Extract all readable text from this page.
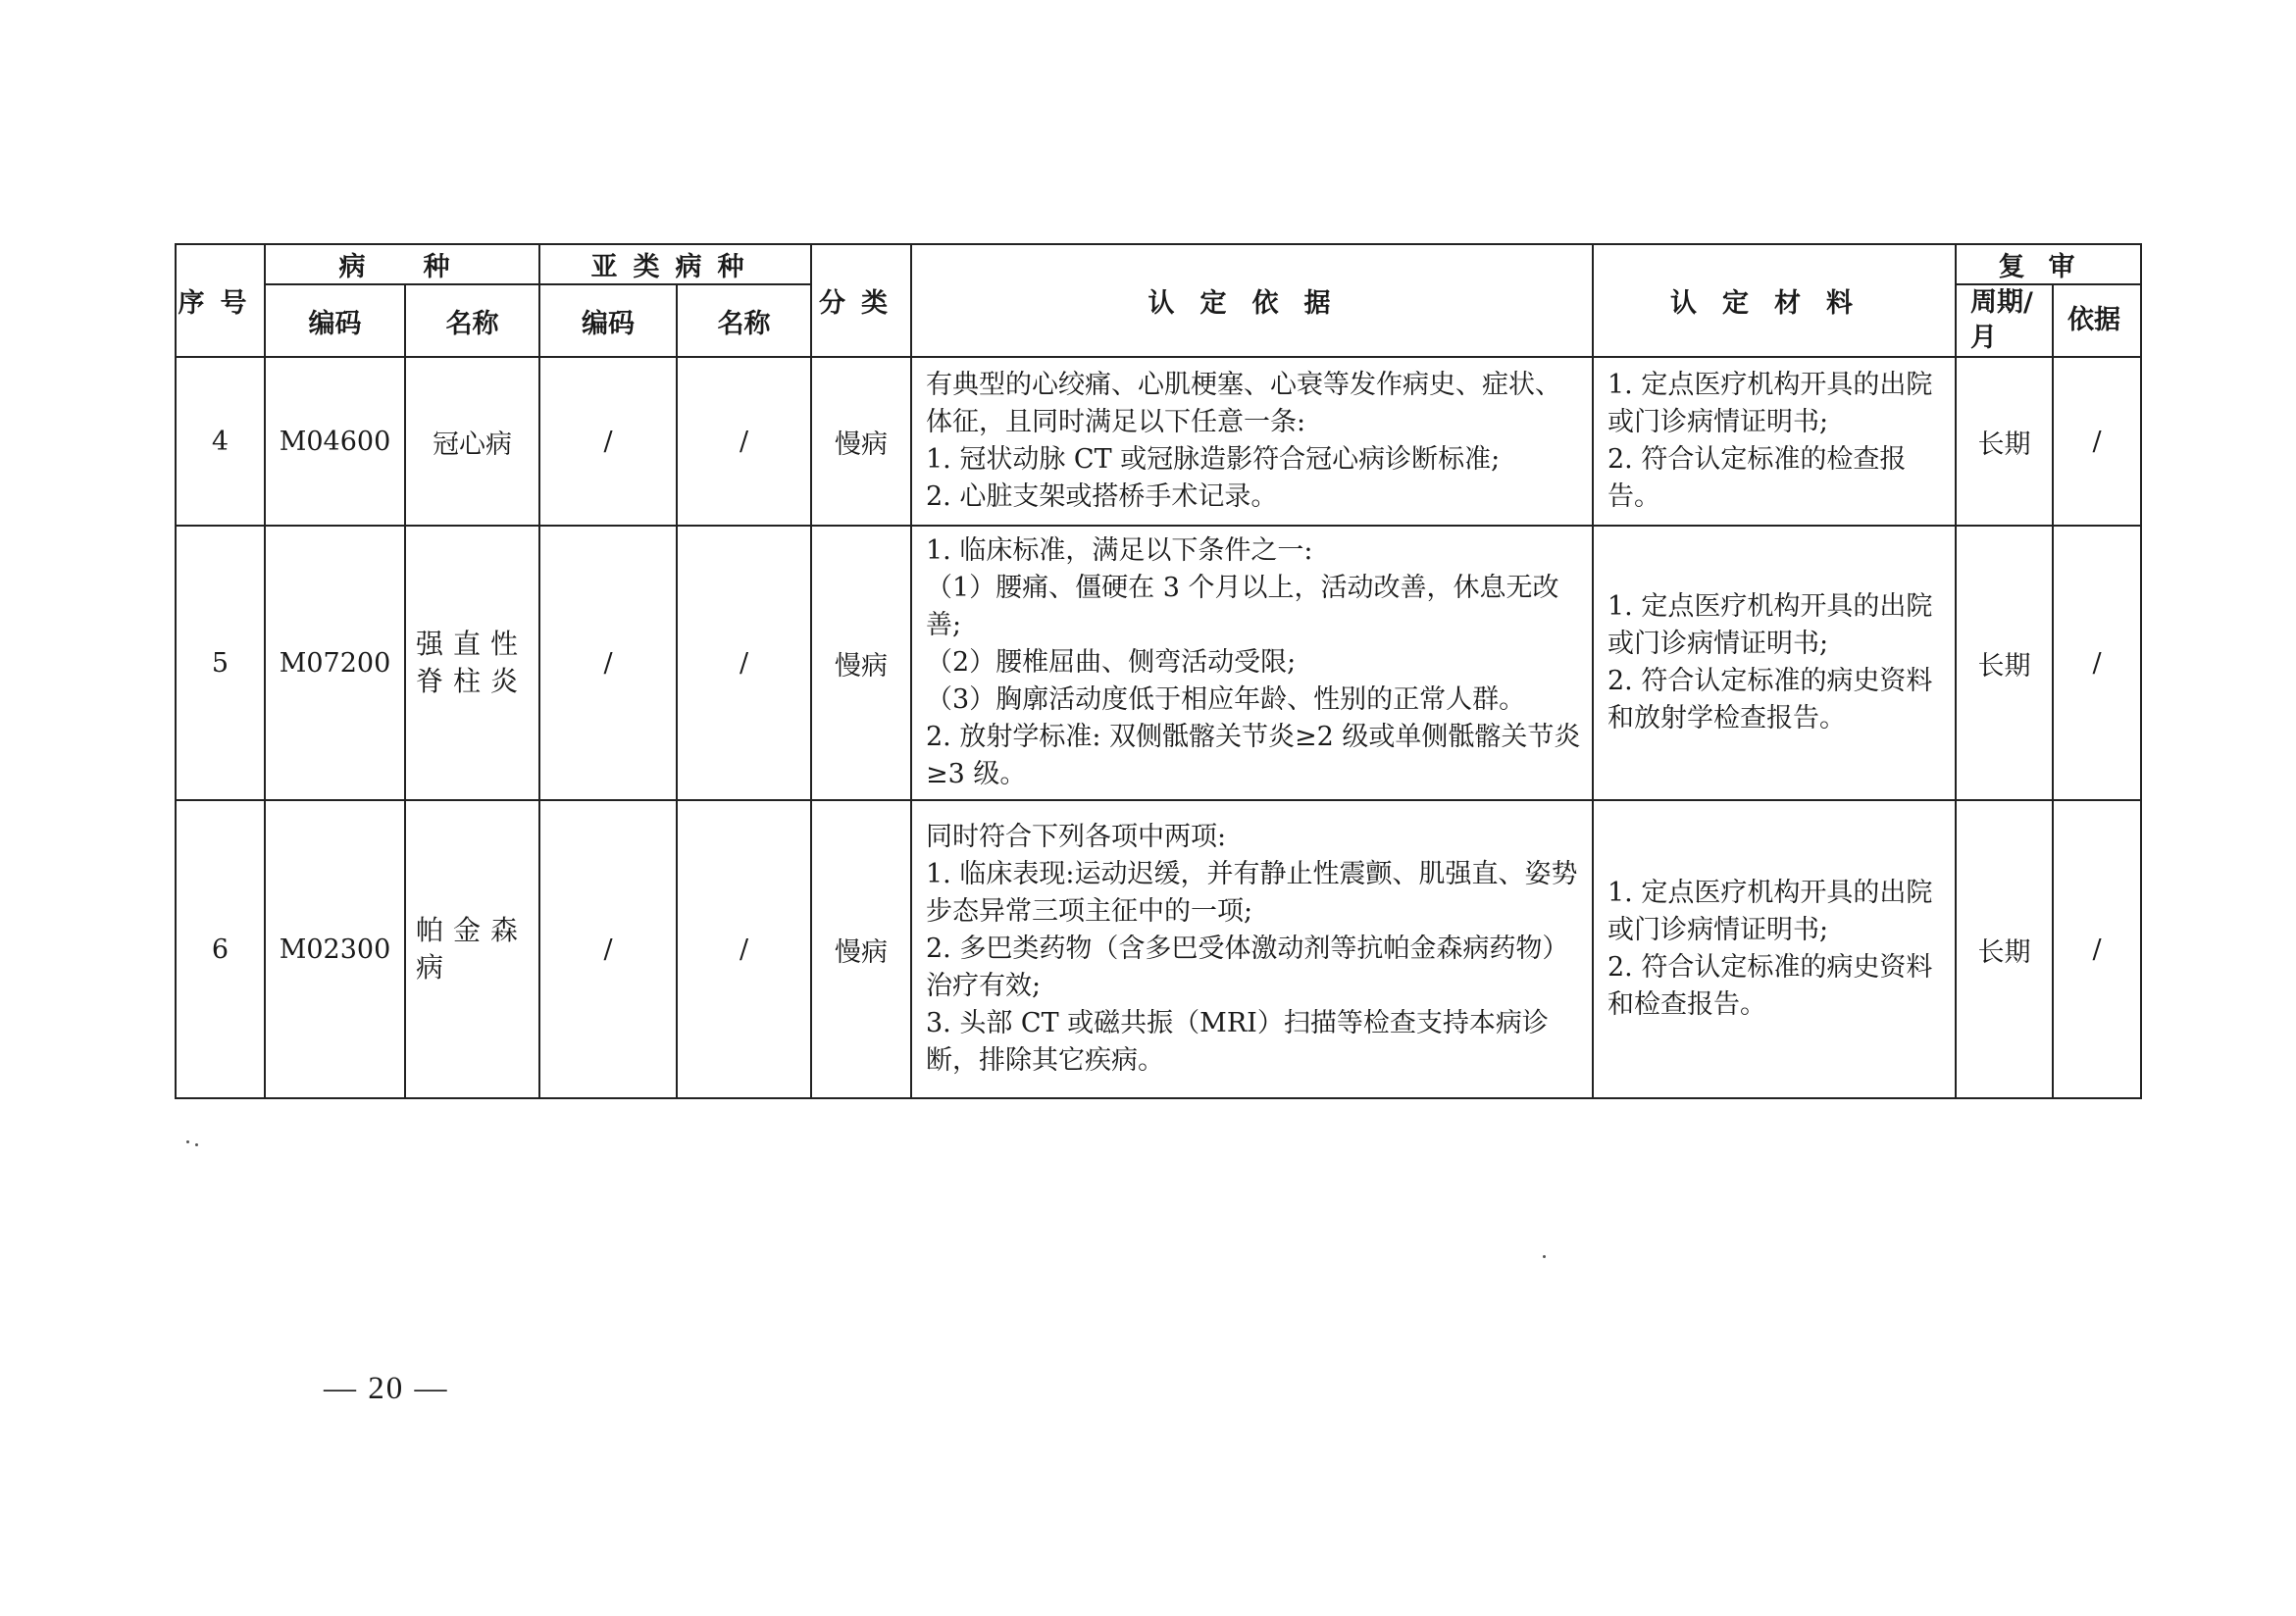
序号	病　种		亚类病种		分类	认定依据	认定材料	复审	
	编码	名称	编码	名称				周期/月	依据
4	M04600	冠心病	/	/	慢病	有典型的心绞痛、心肌梗塞、心衰等发作病史、症状、体征，且同时满足以下任意一条:
1. 冠状动脉 CT 或冠脉造影符合冠心病诊断标准;
2. 心脏支架或搭桥手术记录。	1. 定点医疗机构开具的出院或门诊病情证明书;
2. 符合认定标准的检查报告。	长期	/
5	M07200	强直性脊柱炎	/	/	慢病	1. 临床标准，满足以下条件之一:
（1）腰痛、僵硬在 3 个月以上，活动改善，休息无改善;
（2）腰椎屈曲、侧弯活动受限;
（3）胸廓活动度低于相应年龄、性别的正常人群。
2. 放射学标准: 双侧骶髂关节炎≥2 级或单侧骶髂关节炎≥3 级。	1. 定点医疗机构开具的出院或门诊病情证明书;
2. 符合认定标准的病史资料和放射学检查报告。	长期	/
6	M02300	帕金森病	/	/	慢病	同时符合下列各项中两项:
1. 临床表现:运动迟缓，并有静止性震颤、肌强直、姿势步态异常三项主征中的一项;
2. 多巴类药物（含多巴受体激动剂等抗帕金森病药物）治疗有效;
3. 头部 CT 或磁共振（MRI）扫描等检查支持本病诊断，排除其它疾病。	1. 定点医疗机构开具的出院或门诊病情证明书;
2. 符合认定标准的病史资料和检查报告。	长期	/
— 20 —
